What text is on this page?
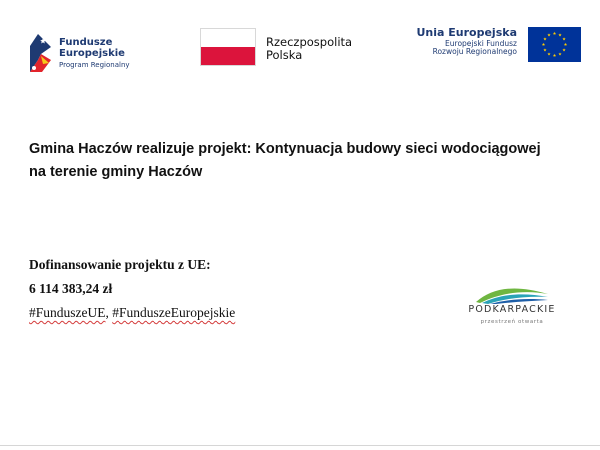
Fundusze
Europejskie
Program Regionalny
Rzeczpospolita
Polska
Unia Europejska
Europejski Fundusz
Rozwoju Regionalnego
Gmina Haczów realizuje projekt: Kontynuacja budowy sieci wodociągowej
na terenie gminy Haczów
Dofinansowanie projektu z UE:
6 114 383,24 zł
#FunduszeUE, #FunduszeEuropejskie	PODKARPACKIE
przestrzeń otwarta
